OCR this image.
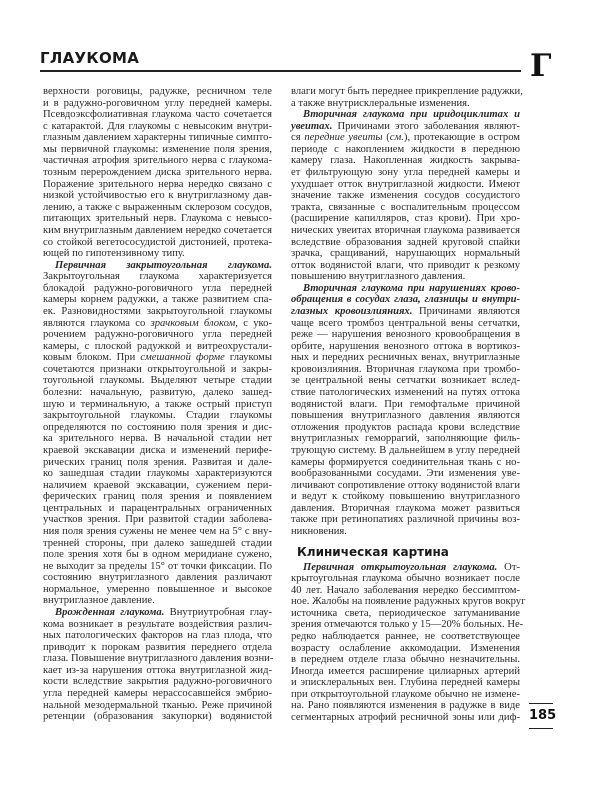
ГЛАУКОМА	Г
верхности роговицы, радужке, ресничном теле
и в радужно-роговичном углу передней камеры.
Псевдоэксфолиативная глаукома часто сочетается
с катарактой. Для глаукомы с невысоким внутри-
глазным давлением характерны типичные симпто-
мы первичной глаукомы: изменение поля зрения,
частичная атрофия зрительного нерва с глаукома-
тозным перерождением диска зрительного нерва.
Поражение зрительного нерва нередко связано с
низкой устойчивостью его к внутриглазному дав-
лению, а также с выраженным склерозом сосудов,
питающих зрительный нерв. Глаукома с невысо-
ким внутриглазным давлением нередко сочетается
со стойкой вегетососудистой дистонией, протека-
ющей по гипотензивному типу.
Первичная закрытоугольная глаукома.
Закрытоугольная глаукома характеризуется
блокадой радужно-роговичного угла передней
камеры корнем радужки, а также развитием спа-
ек. Разновидностями закрытоугольной глаукомы
являются глаукома со зрачковым блоком, с уко-
рочением радужно-роговичного угла передней
камеры, с плоской радужкой и витреохрустали-
ковым блоком. При смешанной форме глаукомы
сочетаются признаки открытоугольной и закры-
тоугольной глаукомы. Выделяют четыре стадии
болезни: начальную, развитую, далеко зашед-
шую и терминальную, а также острый приступ
закрытоугольной глаукомы. Стадии глаукомы
определяются по состоянию поля зрения и дис-
ка зрительного нерва. В начальной стадии нет
краевой экскавации диска и изменений перифе-
рических границ поля зрения. Развитая и дале-
ко зашедшая стадии глаукомы характеризуются
наличием краевой экскавации, сужением пери-
ферических границ поля зрения и появлением
центральных и парацентральных ограниченных
участков зрения. При развитой стадии заболева-
ния поля зрения сужены не менее чем на 5° с вну-
тренней стороны, при далеко зашедшей стадии
поле зрения хотя бы в одном меридиане сужено,
не выходит за пределы 15° от точки фиксации. По
состоянию внутриглазного давления различают
нормальное, умеренно повышенное и высокое
внутриглазное давление.
Врожденная глаукома. Внутриутробная глау-
кома возникает в результате воздействия различ-
ных патологических факторов на глаз плода, что
приводит к порокам развития переднего отдела
глаза. Повышение внутриглазного давления возни-
кает из-за нарушения оттока внутриглазной жид-
кости вследствие закрытия радужно-роговичного
угла передней камеры нерассосавшейся эмбрио-
нальной мезодермальной тканью. Реже причиной
ретенции (образования закупорки) водянистой
влаги могут быть переднее прикрепление радужки,
а также внутрисклеральные изменения.
Вторичная глаукома при иридоциклитах и
увеитах. Причинами этого заболевания являют-
ся передние увеиты (см.), протекающие в остром
периоде с накоплением жидкости в переднюю
камеру глаза. Накопленная жидкость закрыва-
ет фильтрующую зону угла передней камеры и
ухудшает отток внутриглазной жидкости. Имеют
значение также изменения сосудов сосудистого
тракта, связанные с воспалительным процессом
(расширение капилляров, стаз крови). При хро-
нических увеитах вторичная глаукома развивается
вследствие образования задней круговой спайки
зрачка, сращиваний, нарушающих нормальный
отток водянистой влаги, что приводит к резкому
повышению внутриглазного давления.
Вторичная глаукома при нарушениях крово-
обращения в сосудах глаза, глазницы и внутри-
глазных кровоизлияниях. Причинами являются
чаще всего тромбоз центральной вены сетчатки,
реже — нарушения венозного кровообращения в
орбите, нарушения венозного оттока в вортикоз-
ных и передних ресничных венах, внутриглазные
кровоизлияния. Вторичная глаукома при тромбо-
зе центральной вены сетчатки возникает вслед-
ствие патологических изменений на путях оттока
водянистой влаги. При гемофтальме причиной
повышения внутриглазного давления являются
отложения продуктов распада крови вследствие
внутриглазных геморрагий, заполняющие филь-
трующую систему. В дальнейшем в углу передней
камеры формируется соединительная ткань с но-
вообразованными сосудами. Эти изменения уве-
личивают сопротивление оттоку водянистой влаги
и ведут к стойкому повышению внутриглазного
давления. Вторичная глаукома может развиться
также при ретинопатиях различной причины воз-
никновения.
Клиническая картина
Первичная открытоугольная глаукома. От-
крытоугольная глаукома обычно возникает после
40 лет. Начало заболевания нередко бессимптом-
ное. Жалобы на появление радужных кругов вокруг
источника света, периодическое затуманивание
зрения отмечаются только у 15—20% больных. Не-
редко наблюдается раннее, не соответствующее
возрасту ослабление аккомодации. Изменения
в переднем отделе глаза обычно незначительны.
Иногда имеется расширение цилиарных артерий
и эписклеральных вен. Глубина передней камеры
при открытоугольной глаукоме обычно не измене-
на. Рано появляются изменения в радужке в виде
сегментарных атрофий ресничной зоны или диф- 185
